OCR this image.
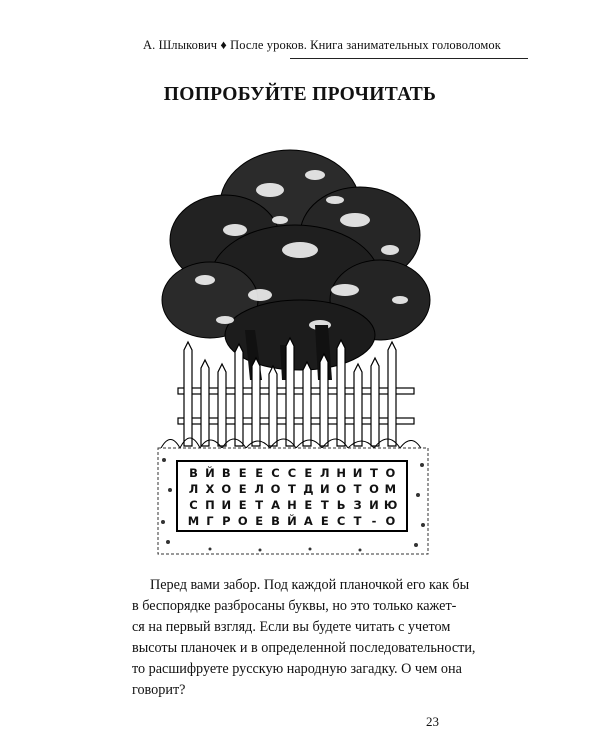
А. Шлыкович ♦ После уроков. Книга занимательных головоломок
ПОПРОБУЙТЕ ПРОЧИТАТЬ
В Й В Е Е С С Е Л Н И Т О
Л Х О Е Л О Т Д И О Т О М
С П И Е Т А Н Е Т Ь З И Ю
М Г Р О Е В Й А Е С Т - О
Перед вами забор. Под каждой планочкой его как бы
в беспорядке разбросаны буквы, но это только кажет-
ся на первый взгляд. Если вы будете читать с учетом
высоты планочек и в определенной последовательности,
то расшифруете русскую народную загадку. О чем она
говорит?
23
